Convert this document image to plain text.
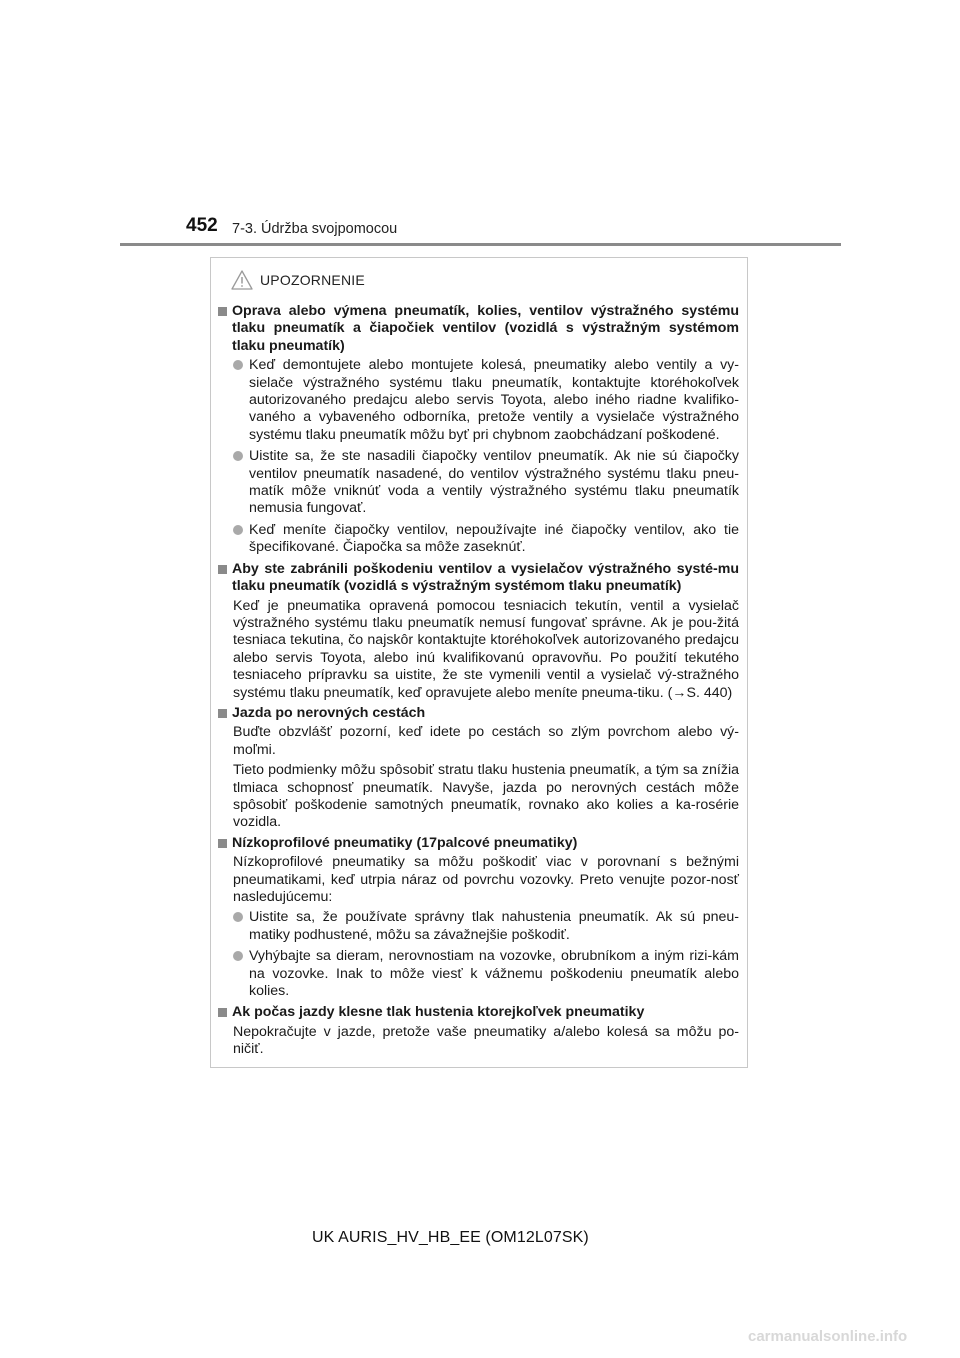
452 7-3. Údržba svojpomocou
UPOZORNENIE
Oprava alebo výmena pneumatík, kolies, ventilov výstražného systému tlaku pneumatík a čiapočiek ventilov (vozidlá s výstražným systémom tlaku pneumatík)
Keď demontujete alebo montujete kolesá, pneumatiky alebo ventily a vy-sielače výstražného systému tlaku pneumatík, kontaktujte ktoréhokoľvek autorizovaného predajcu alebo servis Toyota, alebo iného riadne kvalifiko-vaného a vybaveného odborníka, pretože ventily a vysielače výstražného systému tlaku pneumatík môžu byť pri chybnom zaobchádzaní poškodené.
Uistite sa, že ste nasadili čiapočky ventilov pneumatík. Ak nie sú čiapočky ventilov pneumatík nasadené, do ventilov výstražného systému tlaku pneu-matík môže vniknúť voda a ventily výstražného systému tlaku pneumatík nemusia fungovať.
Keď meníte čiapočky ventilov, nepoužívajte iné čiapočky ventilov, ako tie špecifikované. Čiapočka sa môže zaseknúť.
Aby ste zabránili poškodeniu ventilov a vysielačov výstražného systé-mu tlaku pneumatík (vozidlá s výstražným systémom tlaku pneumatík)
Keď je pneumatika opravená pomocou tesniacich tekutín, ventil a vysielač výstražného systému tlaku pneumatík nemusí fungovať správne. Ak je pou-žitá tesniaca tekutina, čo najskôr kontaktujte ktoréhokoľvek autorizovaného predajcu alebo servis Toyota, alebo inú kvalifikovanú opravovňu. Po použití tekutého tesniaceho prípravku sa uistite, že ste vymenili ventil a vysielač vý-stražného systému tlaku pneumatík, keď opravujete alebo meníte pneuma-tiku. (→S. 440)
Jazda po nerovných cestách
Buďte obzvlášť pozorní, keď idete po cestách so zlým povrchom alebo vý-moľmi.
Tieto podmienky môžu spôsobiť stratu tlaku hustenia pneumatík, a tým sa znížia tlmiaca schopnosť pneumatík. Navyše, jazda po nerovných cestách môže spôsobiť poškodenie samotných pneumatík, rovnako ako kolies a ka-rosérie vozidla.
Nízkoprofilové pneumatiky (17palcové pneumatiky)
Nízkoprofilové pneumatiky sa môžu poškodiť viac v porovnaní s bežnými pneumatikami, keď utrpia náraz od povrchu vozovky. Preto venujte pozor-nosť nasledujúcemu:
Uistite sa, že používate správny tlak nahustenia pneumatík. Ak sú pneu-matiky podhustené, môžu sa závažnejšie poškodiť.
Vyhýbajte sa dieram, nerovnostiam na vozovke, obrubníkom a iným rizi-kám na vozovke. Inak to môže viesť k vážnemu poškodeniu pneumatík alebo kolies.
Ak počas jazdy klesne tlak hustenia ktorejkoľvek pneumatiky
Nepokračujte v jazde, pretože vaše pneumatiky a/alebo kolesá sa môžu po-ničiť.
UK AURIS_HV_HB_EE (OM12L07SK)
carmanualsonline.info
